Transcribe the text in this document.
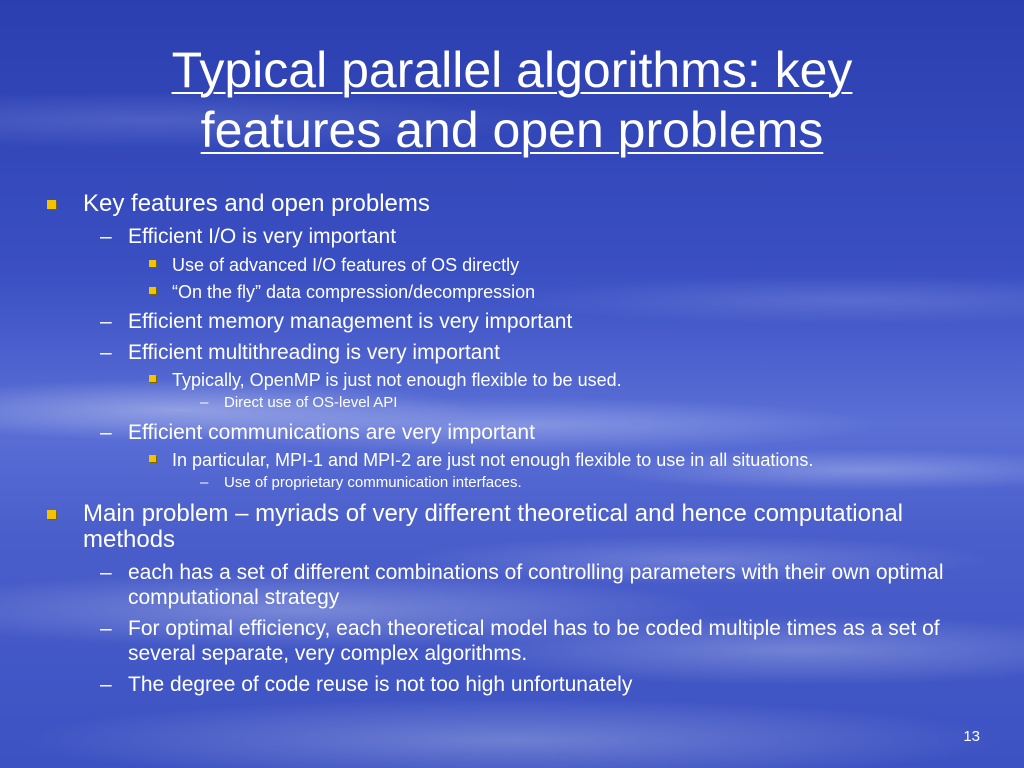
Typical parallel algorithms: key
features and open problems
Key features and open problems
– Efficient I/O is very important
Use of advanced I/O features of OS directly
“On the fly” data compression/decompression
– Efficient memory management is very important
– Efficient multithreading is very important
Typically, OpenMP is just not enough flexible to be used.
– Direct use of OS-level API
– Efficient communications are very important
In particular, MPI-1 and MPI-2 are just not enough flexible to use in all situations.
– Use of proprietary communication interfaces.
Main problem – myriads of very different theoretical and hence computational methods
– each has a set of different combinations of controlling parameters with their own optimal computational strategy
– For optimal efficiency, each theoretical model has to be coded multiple times as a set of several separate, very complex algorithms.
– The degree of code reuse is not too high unfortunately
13
